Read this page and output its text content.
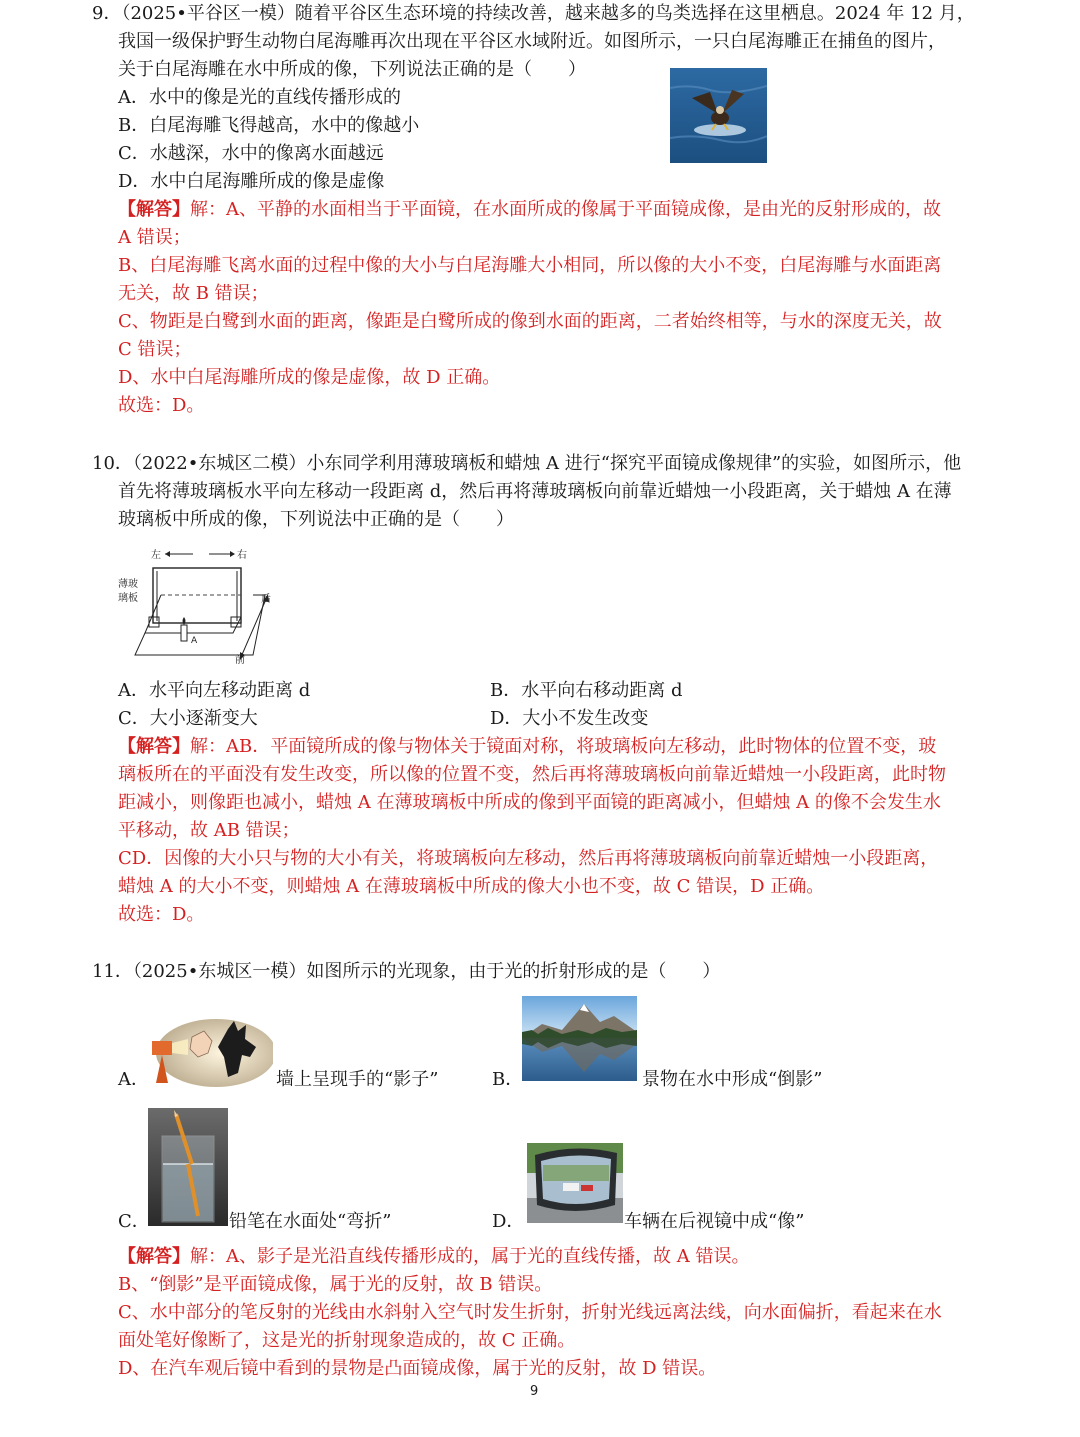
9．（2025•平谷区一模）随着平谷区生态环境的持续改善，越来越多的鸟类选择在这里栖息。2024 年 12 月，
我国一级保护野生动物白尾海雕再次出现在平谷区水域附近。如图所示，一只白尾海雕正在捕鱼的图片，
关于白尾海雕在水中所成的像，下列说法正确的是（　　）
A．水中的像是光的直线传播形成的
B．白尾海雕飞得越高，水中的像越小
C．水越深，水中的像离水面越远
D．水中白尾海雕所成的像是虚像
【解答】解：A、平静的水面相当于平面镜，在水面所成的像属于平面镜成像，是由光的反射形成的，故
A 错误；
B、白尾海雕飞离水面的过程中像的大小与白尾海雕大小相同，所以像的大小不变，白尾海雕与水面距离
无关，故 B 错误；
C、物距是白鹭到水面的距离，像距是白鹭所成的像到水面的距离，二者始终相等，与水的深度无关，故
C 错误；
D、水中白尾海雕所成的像是虚像，故 D 正确。
故选：D。
10．（2022•东城区二模）小东同学利用薄玻璃板和蜡烛 A 进行“探究平面镜成像规律”的实验，如图所示，他
首先将薄玻璃板水平向左移动一段距离 d，然后再将薄玻璃板向前靠近蜡烛一小段距离，关于蜡烛 A 在薄
玻璃板中所成的像，下列说法中正确的是（　　）
左	右
薄玻
璃板
A
后
前
A．水平向左移动距离 d	B．水平向右移动距离 d
C．大小逐渐变大	D．大小不发生改变
【解答】解：AB．平面镜所成的像与物体关于镜面对称，将玻璃板向左移动，此时物体的位置不变，玻
璃板所在的平面没有发生改变，所以像的位置不变，然后再将薄玻璃板向前靠近蜡烛一小段距离，此时物
距减小，则像距也减小，蜡烛 A 在薄玻璃板中所成的像到平面镜的距离减小，但蜡烛 A 的像不会发生水
平移动，故 AB 错误；
CD．因像的大小只与物的大小有关，将玻璃板向左移动，然后再将薄玻璃板向前靠近蜡烛一小段距离，
蜡烛 A 的大小不变，则蜡烛 A 在薄玻璃板中所成的像大小也不变，故 C 错误，D 正确。
故选：D。
11．（2025•东城区一模）如图所示的光现象，由于光的折射形成的是（　　）
A．	墙上呈现手的“影子”	B．	景物在水中形成“倒影”
C．	铅笔在水面处“弯折”	D．	车辆在后视镜中成“像”
【解答】解：A、影子是光沿直线传播形成的，属于光的直线传播，故 A 错误。
B、“倒影”是平面镜成像，属于光的反射，故 B 错误。
C、水中部分的笔反射的光线由水斜射入空气时发生折射，折射光线远离法线，向水面偏折，看起来在水
面处笔好像断了，这是光的折射现象造成的，故 C 正确。
D、在汽车观后镜中看到的景物是凸面镜成像，属于光的反射，故 D 错误。
9
